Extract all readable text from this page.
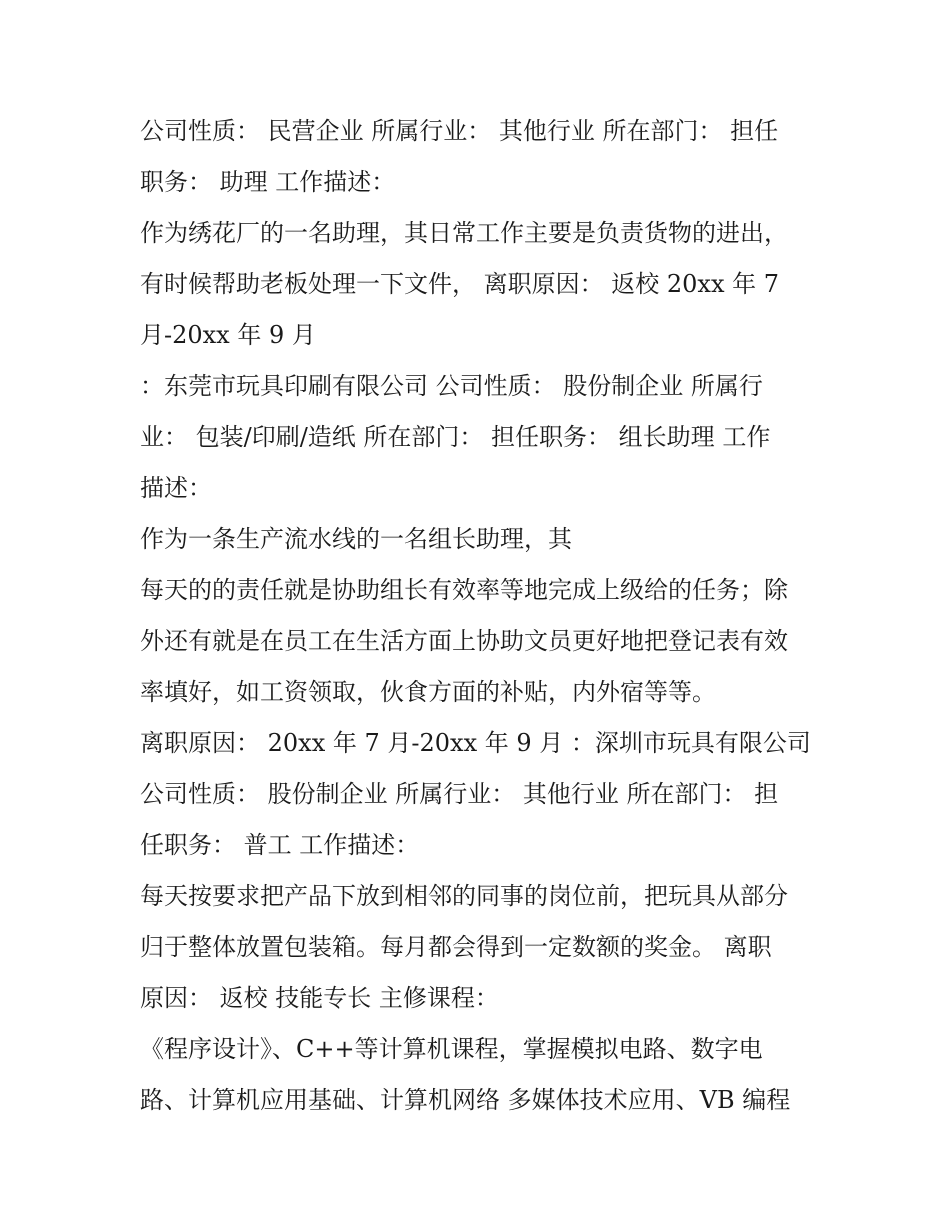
公司性质： 民营企业 所属行业： 其他行业 所在部门： 担任
职务： 助理 工作描述：
作为绣花厂的一名助理，其日常工作主要是负责货物的进出，
有时候帮助老板处理一下文件， 离职原因： 返校 20xx 年 7
月-20xx 年 9 月
：东莞市玩具印刷有限公司 公司性质： 股份制企业 所属行
业： 包装/印刷/造纸 所在部门： 担任职务： 组长助理 工作
描述：
作为一条生产流水线的一名组长助理，其
每天的的责任就是协助组长有效率等地完成上级给的任务；除
外还有就是在员工在生活方面上协助文员更好地把登记表有效
率填好，如工资领取，伙食方面的补贴，内外宿等等。
离职原因： 20xx 年 7 月-20xx 年 9 月 ：深圳市玩具有限公司
公司性质： 股份制企业 所属行业： 其他行业 所在部门： 担
任职务： 普工 工作描述：
每天按要求把产品下放到相邻的同事的岗位前，把玩具从部分
归于整体放置包装箱。每月都会得到一定数额的奖金。 离职
原因： 返校 技能专长 主修课程：
《程序设计》、C++等计算机课程，掌握模拟电路、数字电
路、计算机应用基础、计算机网络 多媒体技术应用、VB 编程
